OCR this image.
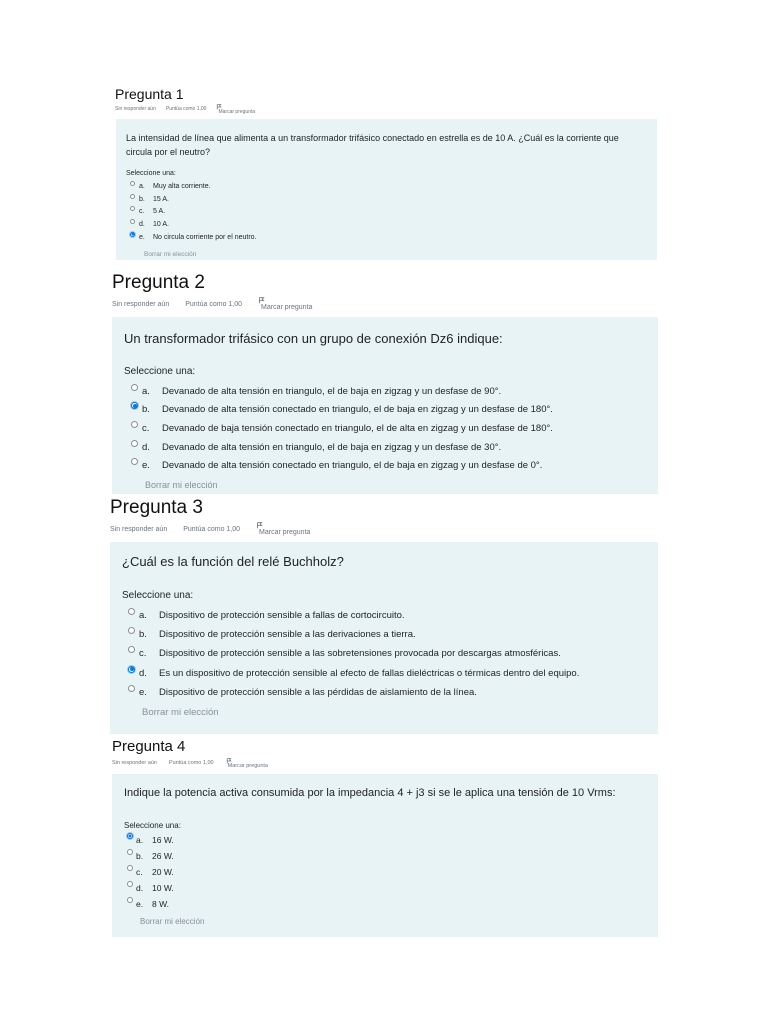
Pregunta 1
Sin responder aún Puntúa como 1,00	Marcar pregunta

La intensidad de línea que alimenta a un transformador trifásico conectado en estrella es de 10 A. ¿Cuál es la corriente que circula por el neutro?

Seleccione una:
a.	Muy alta corriente.
b.	15 A.
c.	5 A.
d.	10 A.
e.	No circula corriente por el neutro.
Borrar mi elección
Pregunta 2
Sin responder aún Puntúa como 1,00	Marcar pregunta

Un transformador trifásico con un grupo de conexión Dz6 indique:

Seleccione una:
a.	Devanado de alta tensión en triangulo, el de baja en zigzag y un desfase de 90°.
b.	Devanado de alta tensión conectado en triangulo, el de baja en zigzag y un desfase de 180°.
c.	Devanado de baja tensión conectado en triangulo, el de alta en zigzag y un desfase de 180°.
d.	Devanado de alta tensión en triangulo, el de baja en zigzag y un desfase de 30°.
e.	Devanado de alta tensión conectado en triangulo, el de baja en zigzag y un desfase de 0°.
Borrar mi elección
Pregunta 3
Sin responder aún Puntúa como 1,00	Marcar pregunta

¿Cuál es la función del relé Buchholz?

Seleccione una:
a.	Dispositivo de protección sensible a fallas de cortocircuito.
b.	Dispositivo de protección sensible a las derivaciones a tierra.
c.	Dispositivo de protección sensible a las sobretensiones provocada por descargas atmosféricas.
d.	Es un dispositivo de protección sensible al efecto de fallas dieléctricas o térmicas dentro del equipo.
e.	Dispositivo de protección sensible a las pérdidas de aislamiento de la línea.
Borrar mi elección
Pregunta 4
Sin responder aún Puntúa como 1,00	Marcar pregunta

Indique la potencia activa consumida por la impedancia 4 + j3 si se le aplica una tensión de 10 Vrms:

Seleccione una:
a.	16 W.
b.	26 W.
c.	20 W.
d.	10 W.
e.	8 W.
Borrar mi elección
